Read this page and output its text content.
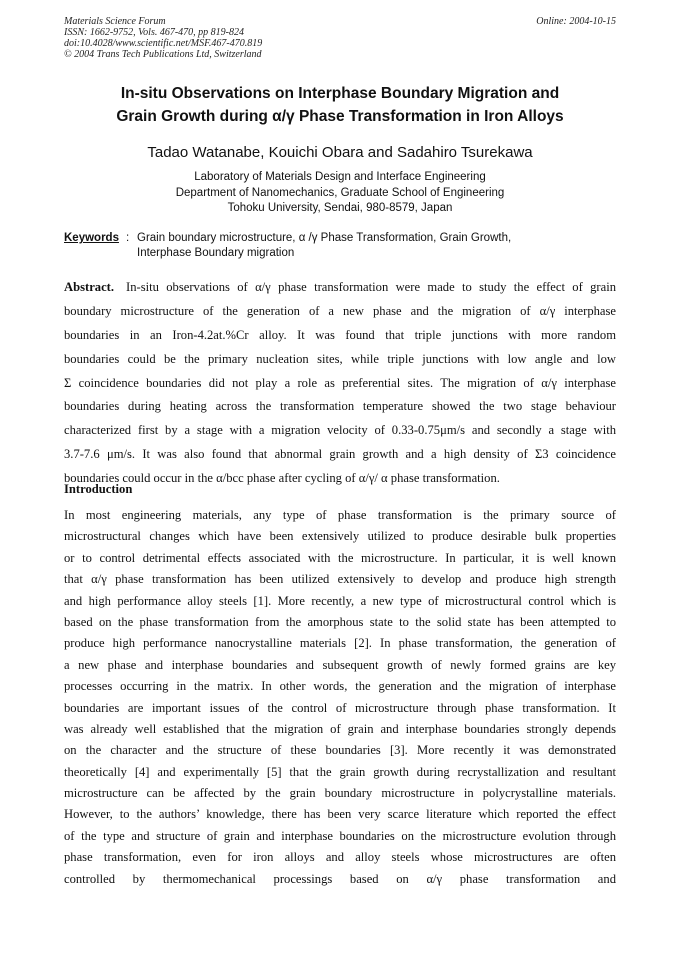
Materials Science Forum
ISSN: 1662-9752, Vols. 467-470, pp 819-824
doi:10.4028/www.scientific.net/MSF.467-470.819
© 2004 Trans Tech Publications Ltd, Switzerland
Online: 2004-10-15
In-situ Observations on Interphase Boundary Migration and
Grain Growth during α/γ Phase Transformation in Iron Alloys
Tadao Watanabe, Kouichi Obara and Sadahiro Tsurekawa
Laboratory of Materials Design and Interface Engineering
Department of Nanomechanics, Graduate School of Engineering
Tohoku University, Sendai, 980-8579, Japan
Keywords : Grain boundary microstructure, α /γ Phase Transformation, Grain Growth,
Interphase Boundary migration
Abstract. In-situ observations of α/γ phase transformation were made to study the effect of grain
boundary microstructure of the generation of a new phase and the migration of α/γ interphase
boundaries in an Iron-4.2at.%Cr alloy. It was found that triple junctions with more random
boundaries could be the primary nucleation sites, while triple junctions with low angle and low
Σ coincidence boundaries did not play a role as preferential sites. The migration of α/γ interphase
boundaries during heating across the transformation temperature showed the two stage behaviour
characterized first by a stage with a migration velocity of 0.33-0.75μm/s and secondly a stage with
3.7-7.6 μm/s. It was also found that abnormal grain growth and a high density of Σ3 coincidence
boundaries could occur in the α/bcc phase after cycling of α/γ/ α phase transformation.
Introduction
In most engineering materials, any type of phase transformation is the primary source of
microstructural changes which have been extensively utilized to produce desirable bulk properties
or to control detrimental effects associated with the microstructure. In particular, it is well known
that α/γ phase transformation has been utilized extensively to develop and produce high strength
and high performance alloy steels [1]. More recently, a new type of microstructural control which is
based on the phase transformation from the amorphous state to the solid state has been attempted to
produce high performance nanocrystalline materials [2]. In phase transformation, the generation of
a new phase and interphase boundaries and subsequent growth of newly formed grains are key
processes occurring in the matrix. In other words, the generation and the migration of interphase
boundaries are important issues of the control of microstructure through phase transformation. It
was already well established that the migration of grain and interphase boundaries strongly depends
on the character and the structure of these boundaries [3]. More recently it was demonstrated
theoretically [4] and experimentally [5] that the grain growth during recrystallization and resultant
microstructure can be affected by the grain boundary microstructure in polycrystalline materials.
However, to the authors’ knowledge, there has been very scarce literature which reported the effect
of the type and structure of grain and interphase boundaries on the microstructure evolution through
phase transformation, even for iron alloys and alloy steels whose microstructures are often
controlled by thermomechanical processings based on α/γ phase transformation and
